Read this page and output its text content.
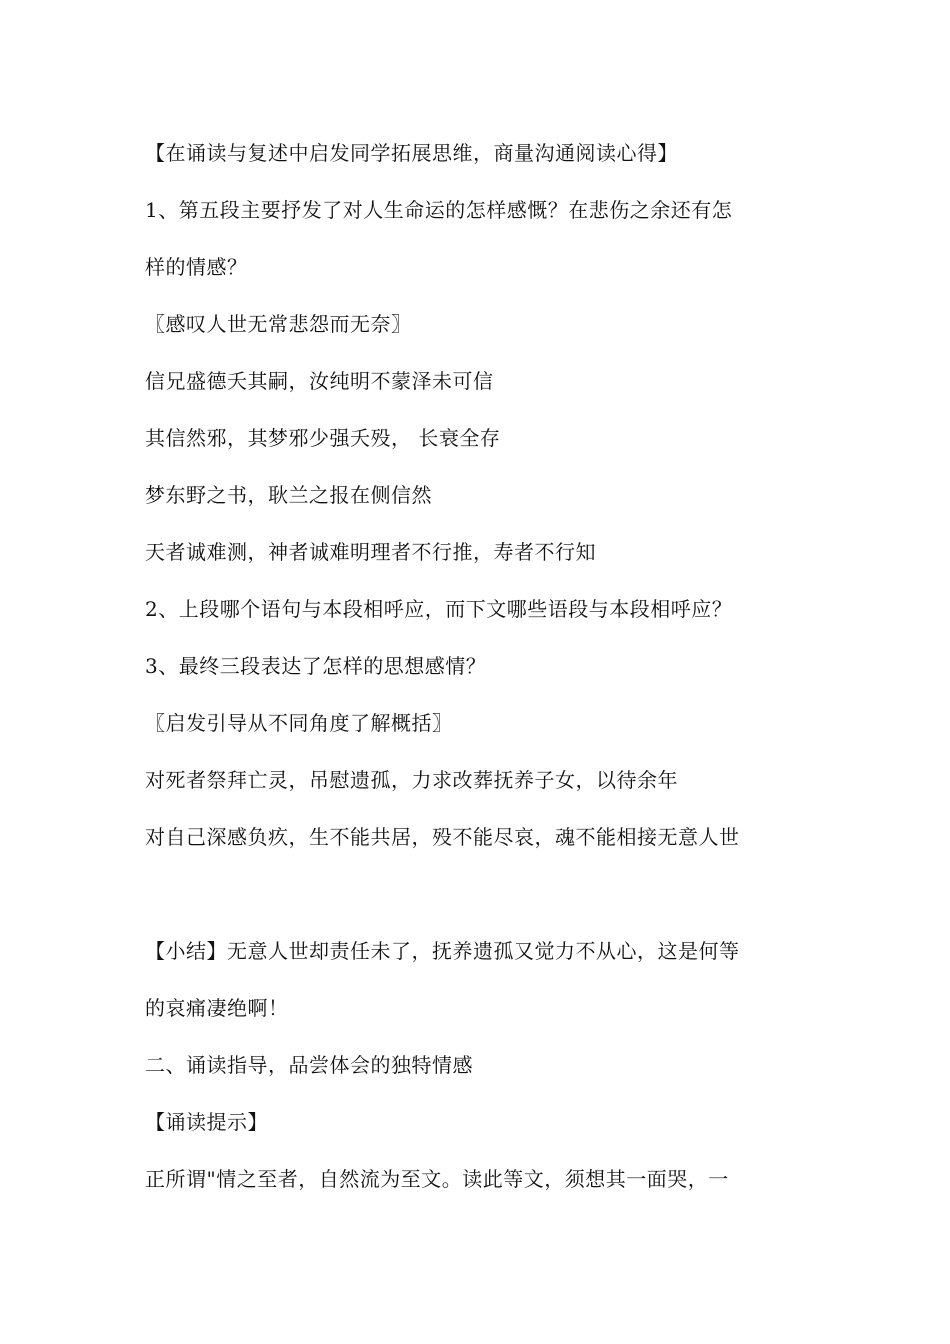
【在诵读与复述中启发同学拓展思维，商量沟通阅读心得】
1、第五段主要抒发了对人生命运的怎样感慨？在悲伤之余还有怎
样的情感？
〖感叹人世无常悲怨而无奈〗
信兄盛德夭其嗣，汝纯明不蒙泽未可信
其信然邪，其梦邪少强夭殁， 长衰全存
梦东野之书，耿兰之报在侧信然
天者诚难测，神者诚难明理者不行推，寿者不行知
2、上段哪个语句与本段相呼应，而下文哪些语段与本段相呼应？
3、最终三段表达了怎样的思想感情？
〖启发引导从不同角度了解概括〗
对死者祭拜亡灵，吊慰遗孤，力求改葬抚养子女，以待余年
对自己深感负疚，生不能共居，殁不能尽哀，魂不能相接无意人世
【小结】无意人世却责任未了，抚养遗孤又觉力不从心，这是何等
的哀痛凄绝啊！
二、诵读指导，品尝体会的独特情感
【诵读提示】
正所谓"情之至者，自然流为至文。读此等文，须想其一面哭，一
